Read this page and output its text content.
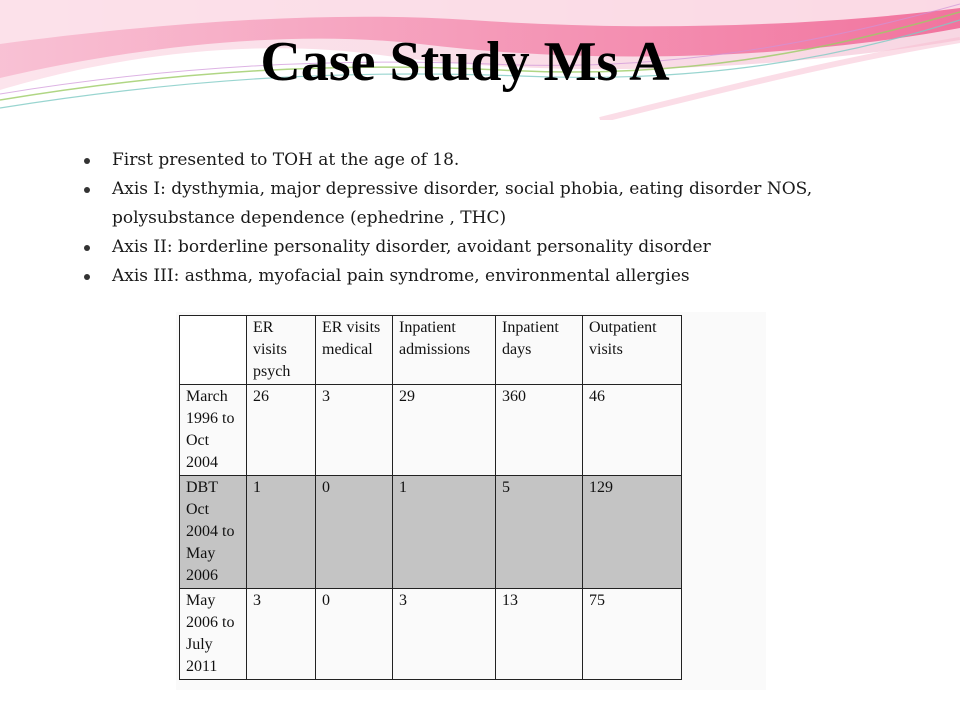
Case Study Ms A
First presented to TOH at the age of 18.
Axis I: dysthymia, major depressive disorder, social phobia, eating disorder NOS, polysubstance dependence (ephedrine , THC)
Axis II: borderline personality disorder, avoidant personality disorder
Axis III: asthma, myofacial pain syndrome, environmental allergies
	ER visits psych	ER visits medical	Inpatient admissions	Inpatient days	Outpatient visits
March 1996 to Oct 2004	26	3	29	360	46
DBT Oct 2004 to May 2006	1	0	1	5	129
May 2006 to July 2011	3	0	3	13	75
